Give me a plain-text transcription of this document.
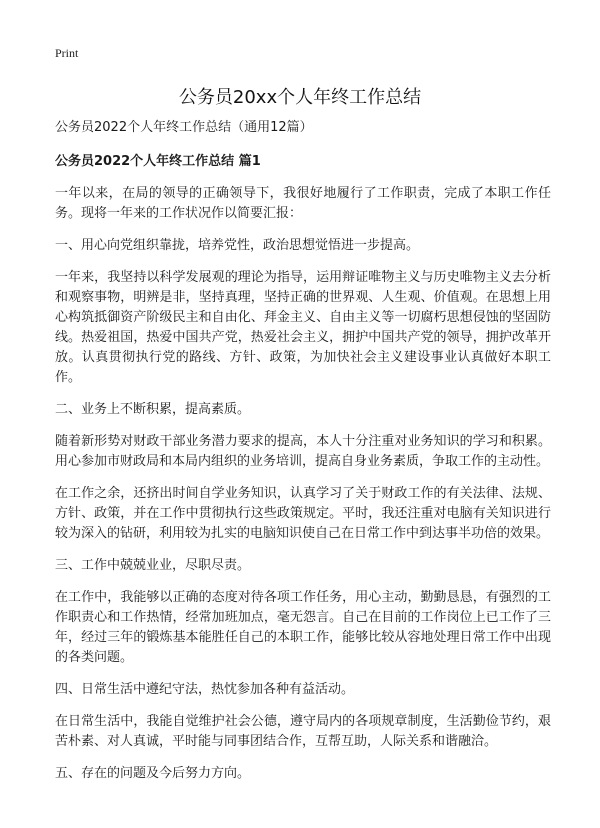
Print
公务员20xx个人年终工作总结

公务员2022个人年终工作总结（通用12篇）

公务员2022个人年终工作总结 篇1

一年以来，在局的领导的正确领导下，我很好地履行了工作职责，完成了本职工作任务。现将一年来的工作状况作以简要汇报：

一、用心向党组织靠拢，培养党性，政治思想觉悟进一步提高。

一年来，我坚持以科学发展观的理论为指导，运用辩证唯物主义与历史唯物主义去分析和观察事物，明辨是非，坚持真理，坚持正确的世界观、人生观、价值观。在思想上用心构筑抵御资产阶级民主和自由化、拜金主义、自由主义等一切腐朽思想侵蚀的坚固防线。热爱祖国，热爱中国共产党，热爱社会主义，拥护中国共产党的领导，拥护改革开放。认真贯彻执行党的路线、方针、政策，为加快社会主义建设事业认真做好本职工作。

二、业务上不断积累，提高素质。

随着新形势对财政干部业务潜力要求的提高，本人十分注重对业务知识的学习和积累。用心参加市财政局和本局内组织的业务培训，提高自身业务素质，争取工作的主动性。

在工作之余，还挤出时间自学业务知识，认真学习了关于财政工作的有关法律、法规、方针、政策，并在工作中贯彻执行这些政策规定。平时，我还注重对电脑有关知识进行较为深入的钻研，利用较为扎实的电脑知识使自己在日常工作中到达事半功倍的效果。

三、工作中兢兢业业，尽职尽责。

在工作中，我能够以正确的态度对待各项工作任务，用心主动，勤勤恳恳，有强烈的工作职责心和工作热情，经常加班加点，毫无怨言。自己在目前的工作岗位上已工作了三年，经过三年的锻炼基本能胜任自己的本职工作，能够比较从容地处理日常工作中出现的各类问题。

四、日常生活中遵纪守法，热忱参加各种有益活动。

在日常生活中，我能自觉维护社会公德，遵守局内的各项规章制度，生活勤俭节约，艰苦朴素、对人真诚，平时能与同事团结合作，互帮互助，人际关系和谐融洽。

五、存在的问题及今后努力方向。
